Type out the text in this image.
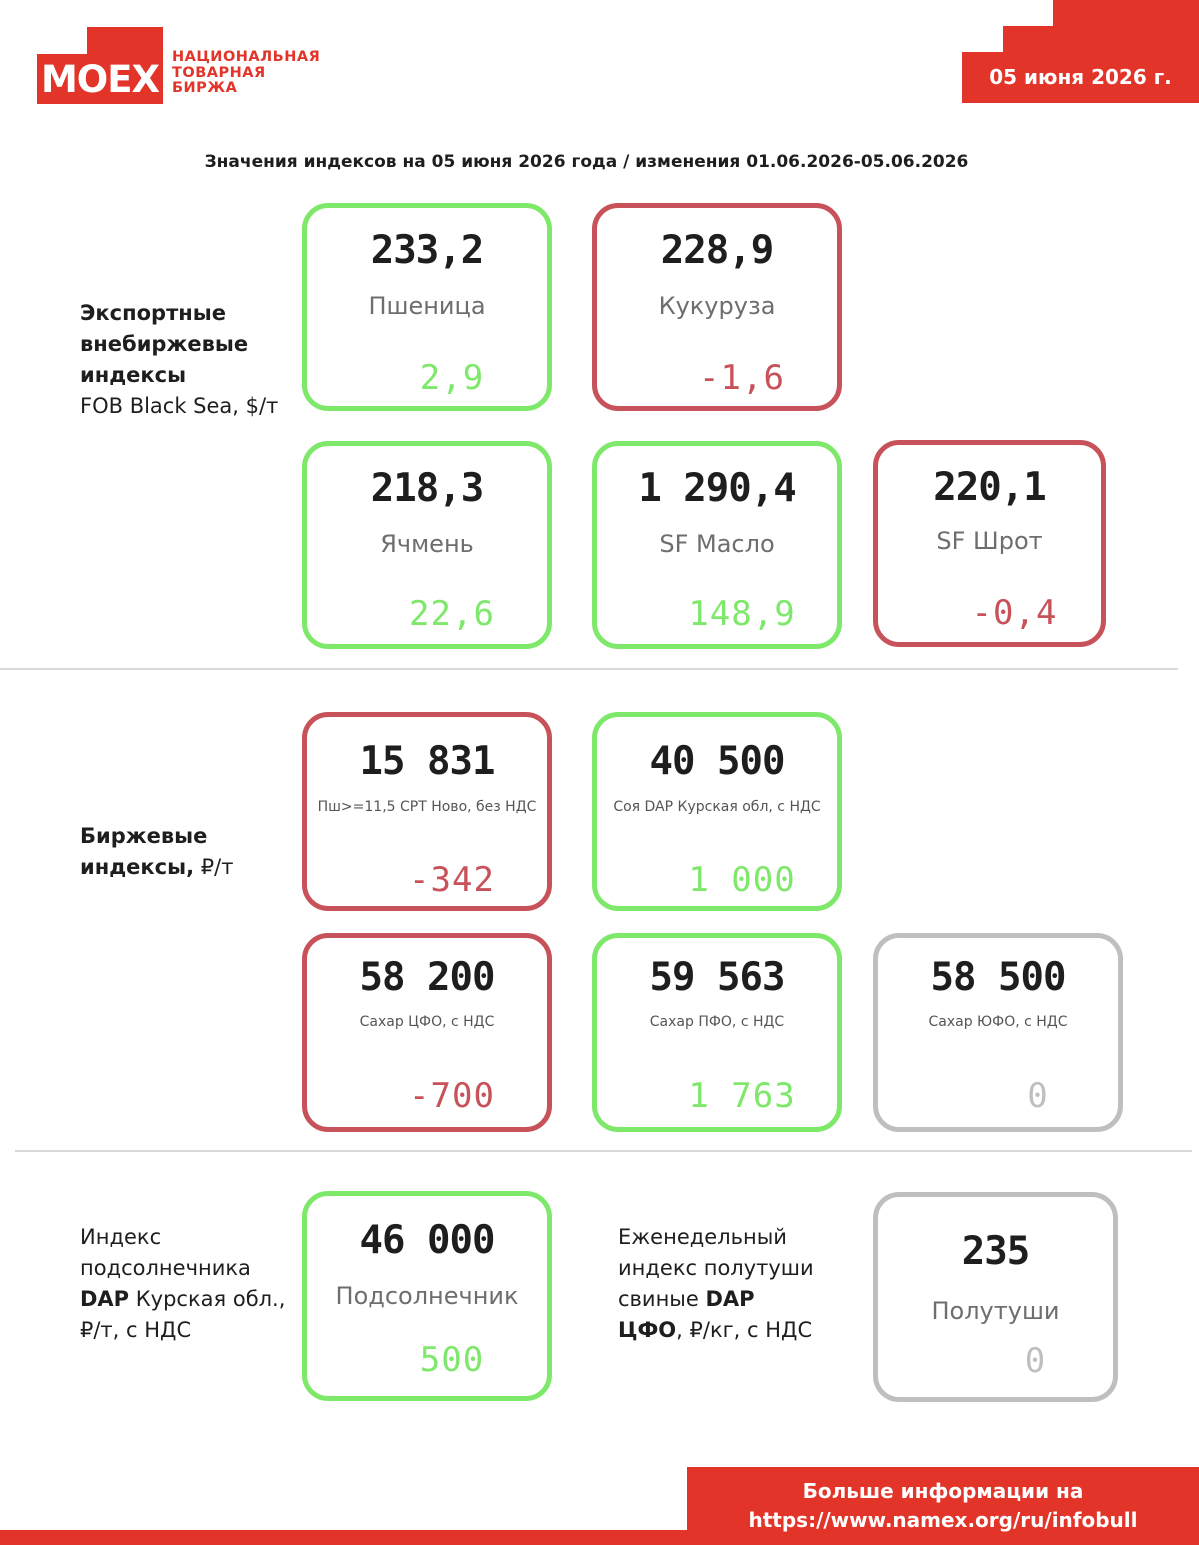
MOEX
НАЦИОНАЛЬНАЯ
ТОВАРНАЯ
БИРЖА	05 июня 2026 г.
Значения индексов на 05 июня 2026 года / изменения 01.06.2026-05.06.2026
Экспортные
внебиржевые
индексы
FOB Black Sea, $/т
233,2
Пшеница
2,9
228,9
Кукуруза
-1,6
218,3
Ячмень
22,6
1 290,4
SF Масло
148,9
220,1
SF Шрот
-0,4
Биржевые
индексы, ₽/т
15 831
Пш>=11,5 CPT Ново, без НДС
-342
40 500
Соя DAP Курская обл, с НДС
1 000
58 200
Сахар ЦФО, с НДС
-700
59 563
Сахар ПФО, с НДС
1 763
58 500
Сахар ЮФО, с НДС
0
Индекс
подсолнечника
DAP Курская обл.,
₽/т, с НДС
46 000
Подсолнечник
500
Еженедельный
индекс полутуши
свиные DAP
ЦФО, ₽/кг, с НДС
235
Полутуши
0
Больше информации на
https://www.namex.org/ru/infobull
